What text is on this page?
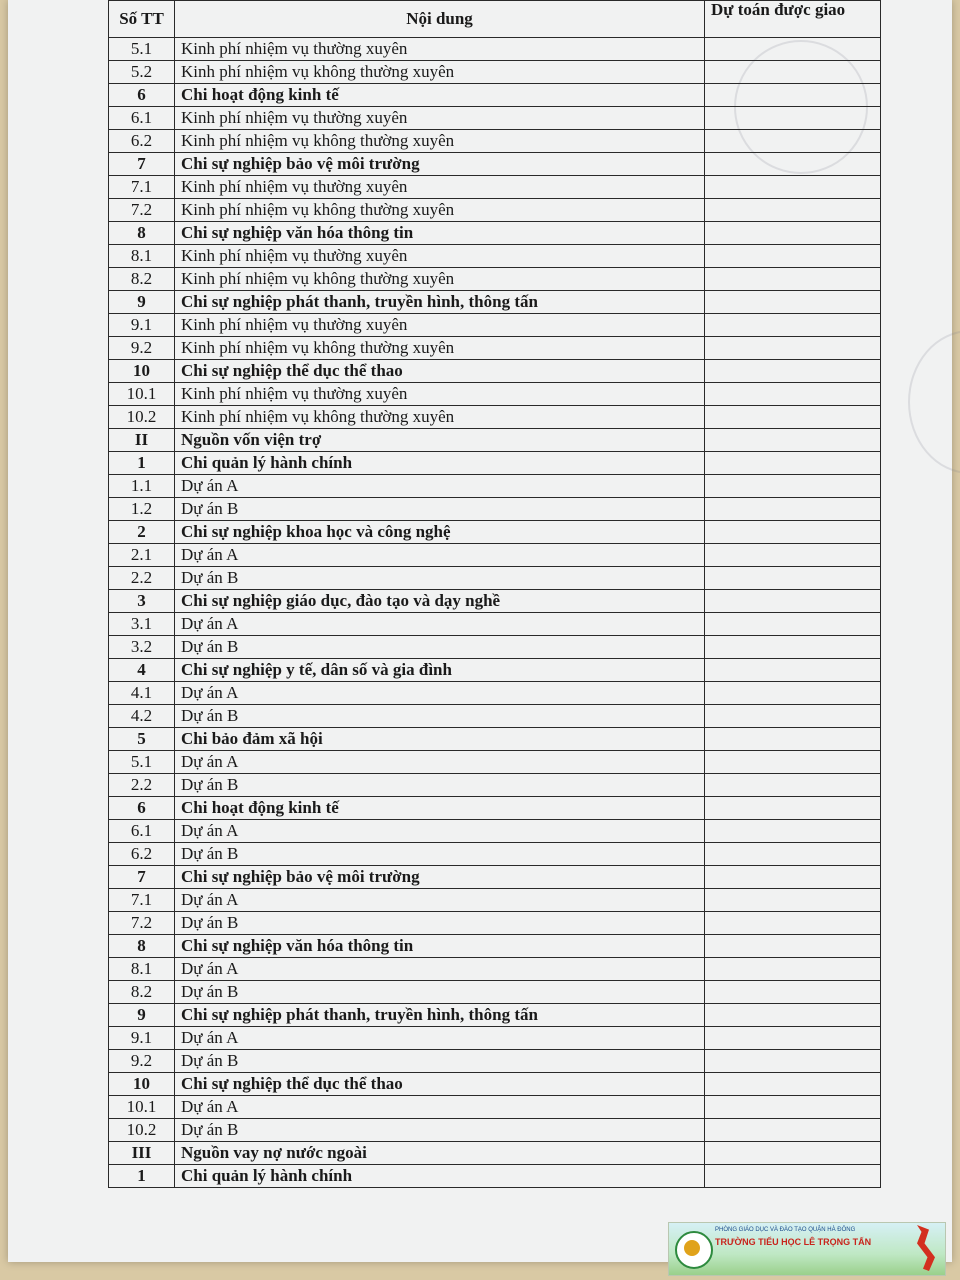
Số TT	Nội dung	Dự toán được giao
5.1	Kinh phí nhiệm vụ thường xuyên	
5.2	Kinh phí nhiệm vụ không thường xuyên	
6	Chi hoạt động kinh tế	
6.1	Kinh phí nhiệm vụ thường xuyên	
6.2	Kinh phí nhiệm vụ không thường xuyên	
7	Chi sự nghiệp bảo vệ môi trường	
7.1	Kinh phí nhiệm vụ thường xuyên	
7.2	Kinh phí nhiệm vụ không thường xuyên	
8	Chi sự nghiệp văn hóa thông tin	
8.1	Kinh phí nhiệm vụ thường xuyên	
8.2	Kinh phí nhiệm vụ không thường xuyên	
9	Chi sự nghiệp phát thanh, truyền hình, thông tấn	
9.1	Kinh phí nhiệm vụ thường xuyên	
9.2	Kinh phí nhiệm vụ không thường xuyên	
10	Chi sự nghiệp thể dục thể thao	
10.1	Kinh phí nhiệm vụ thường xuyên	
10.2	Kinh phí nhiệm vụ không thường xuyên	
II	Nguồn vốn viện trợ	
1	Chi quản lý hành chính	
1.1	Dự án A	
1.2	Dự án B	
2	Chi sự nghiệp khoa học và công nghệ	
2.1	Dự án A	
2.2	Dự án B	
3	Chi sự nghiệp giáo dục, đào tạo và dạy nghề	
3.1	Dự án A	
3.2	Dự án B	
4	Chi sự nghiệp y tế, dân số và gia đình	
4.1	Dự án A	
4.2	Dự án B	
5	Chi bảo đảm xã hội	
5.1	Dự án A	
2.2	Dự án B	
6	Chi hoạt động kinh tế	
6.1	Dự án A	
6.2	Dự án B	
7	Chi sự nghiệp bảo vệ môi trường	
7.1	Dự án A	
7.2	Dự án B	
8	Chi sự nghiệp văn hóa thông tin	
8.1	Dự án A	
8.2	Dự án B	
9	Chi sự nghiệp phát thanh, truyền hình, thông tấn	
9.1	Dự án A	
9.2	Dự án B	
10	Chi sự nghiệp thể dục thể thao	
10.1	Dự án A	
10.2	Dự án B	
III	Nguồn vay nợ nước ngoài	
1	Chi quản lý hành chính	
PHÒNG GIÁO DỤC VÀ ĐÀO TẠO QUẬN HÀ ĐÔNG
TRƯỜNG TIỂU HỌC LÊ TRỌNG TẤN
